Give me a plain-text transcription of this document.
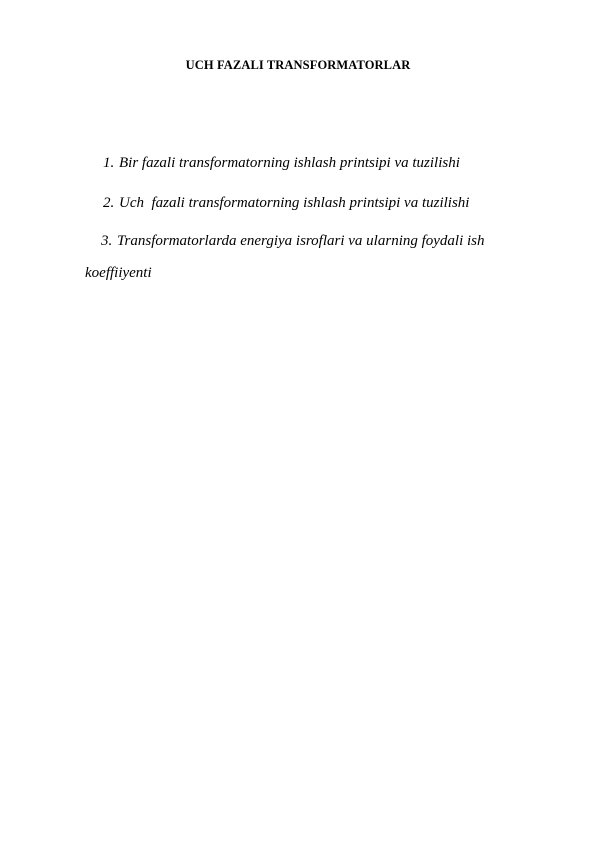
UCH FAZALI TRANSFORMATORLAR
1. Bir fazali transformatorning ishlash printsipi va tuzilishi
2. Uch  fazali transformatorning ishlash printsipi va tuzilishi
3. Transformatorlarda energiya isroflari va ularning foydali ish
koeffiiyenti
